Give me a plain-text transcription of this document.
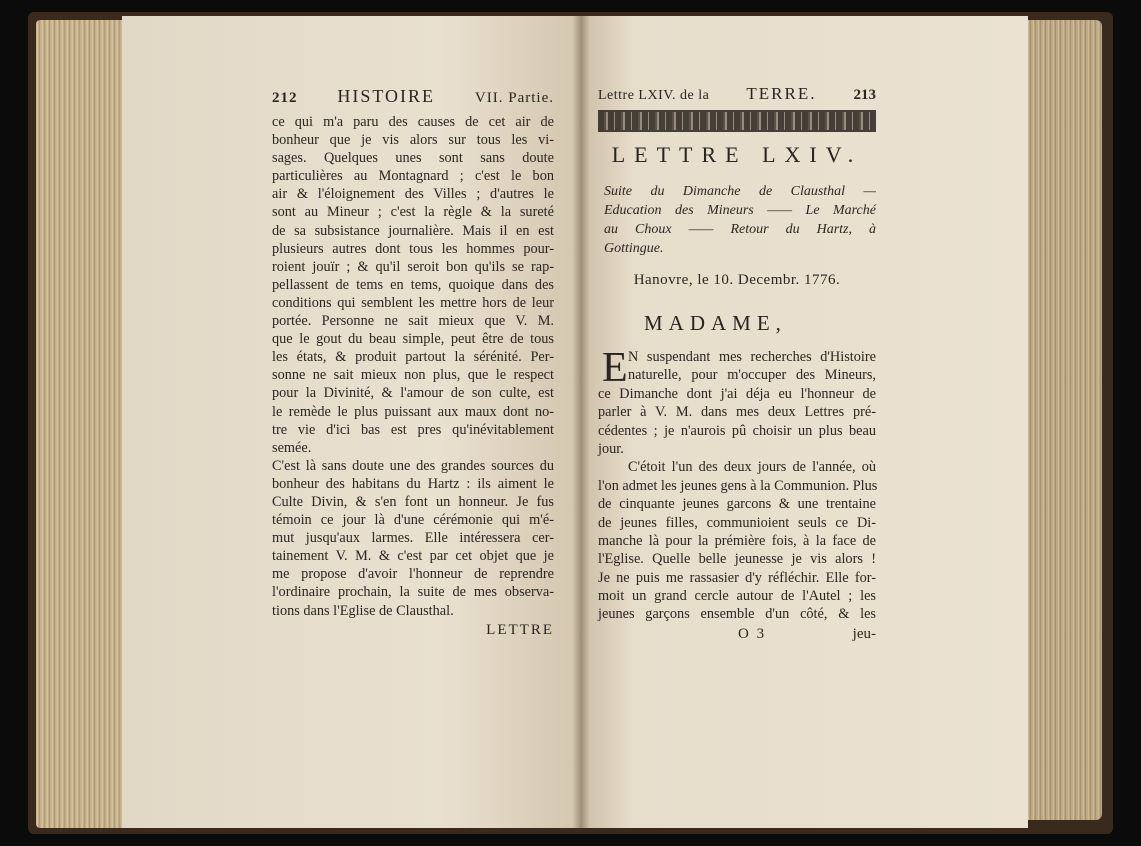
212 HISTOIRE	VII. Partie.
ce qui m'a paru des causes de cet air de
bonheur que je vis alors sur tous les vi-
sages. Quelques unes sont sans doute
particulières au Montagnard ; c'est le bon
air & l'éloignement des Villes ; d'autres le
sont au Mineur ; c'est la règle & la sureté
de sa subsistance journalière. Mais il en est
plusieurs autres dont tous les hommes pour-
roient jouïr ; & qu'il seroit bon qu'ils se rap-
pellassent de tems en tems, quoique dans des
conditions qui semblent les mettre hors de leur
portée. Personne ne sait mieux que V. M.
que le gout du beau simple, peut être de tous
les états, & produit partout la sérénité. Per-
sonne ne sait mieux non plus, que le respect
pour la Divinité, & l'amour de son culte, est
le remède le plus puissant aux maux dont no-
tre vie d'ici bas est pres qu'inévitablement
semée.
C'est là sans doute une des grandes sources du
bonheur des habitans du Hartz : ils aiment le
Culte Divin, & s'en font un honneur. Je fus
témoin ce jour là d'une cérémonie qui m'é-
mut jusqu'aux larmes. Elle intéressera cer-
tainement V. M. & c'est par cet objet que je
me propose d'avoir l'honneur de reprendre
l'ordinaire prochain, la suite de mes observa-
tions dans l'Eglise de Clausthal.
LETTRE
Lettre LXIV. de la TERRE. 213
LETTRE LXIV.
Suite du Dimanche de Clausthal —
Education des Mineurs —— Le Marché
au Choux —— Retour du Hartz, à
Gottingue.
Hanovre, le 10. Decembr. 1776.
MADAME,
E N suspendant mes recherches d'Histoire
naturelle, pour m'occuper des Mineurs,
ce Dimanche dont j'ai déja eu l'honneur de
parler à V. M. dans mes deux Lettres pré-
cédentes ; je n'aurois pû choisir un plus beau
jour.
C'étoit l'un des deux jours de l'année, où
l'on admet les jeunes gens à la Communion. Plus
de cinquante jeunes garcons & une trentaine
de jeunes filles, communioient seuls ce Di-
manche là pour la prémière fois, à la face de
l'Eglise. Quelle belle jeunesse je vis alors !
Je ne puis me rassasier d'y réfléchir. Elle for-
moit un grand cercle autour de l'Autel ; les
jeunes garçons ensemble d'un côté, & les
O 3	jeu-
